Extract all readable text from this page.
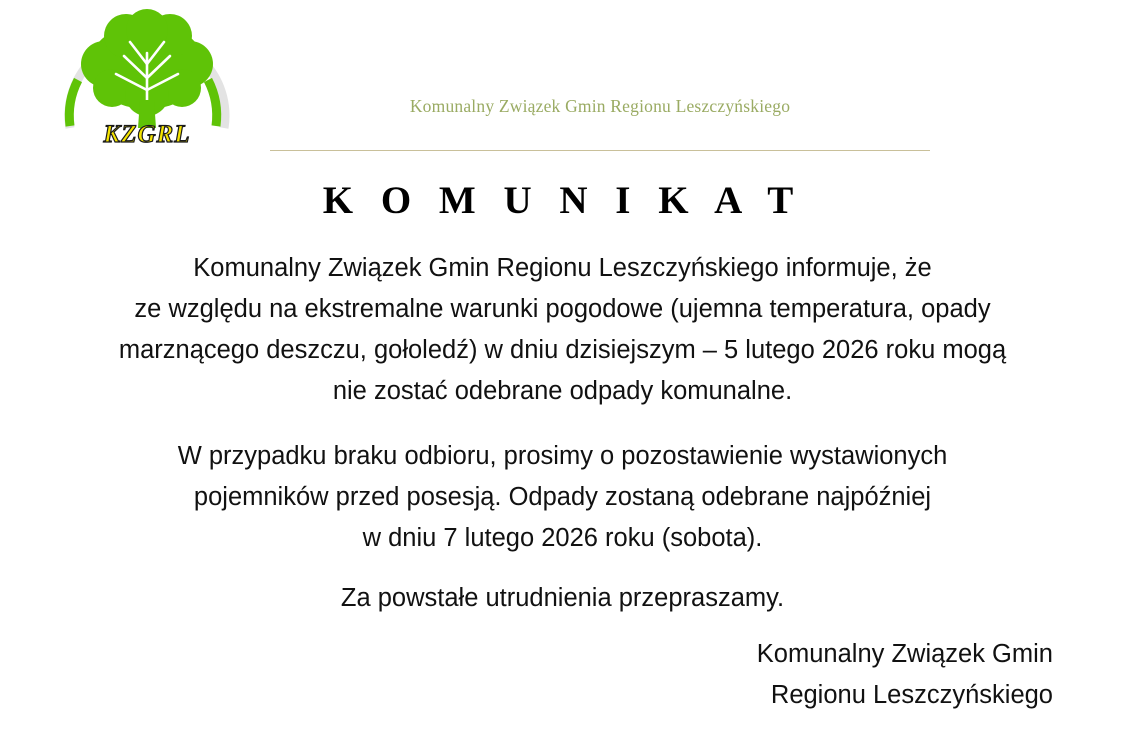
KZGRL
Komunalny Związek Gmin Regionu Leszczyńskiego
K O M U N I K A T
Komunalny Związek Gmin Regionu Leszczyńskiego informuje, że
ze względu na ekstremalne warunki pogodowe (ujemna temperatura, opady
marznącego deszczu, gołoledź) w dniu dzisiejszym – 5 lutego 2026 roku mogą
nie zostać odebrane odpady komunalne.
W przypadku braku odbioru, prosimy o pozostawienie wystawionych
pojemników przed posesją. Odpady zostaną odebrane najpóźniej
w dniu 7 lutego 2026 roku (sobota).
Za powstałe utrudnienia przepraszamy.
Komunalny Związek Gmin
Regionu Leszczyńskiego
